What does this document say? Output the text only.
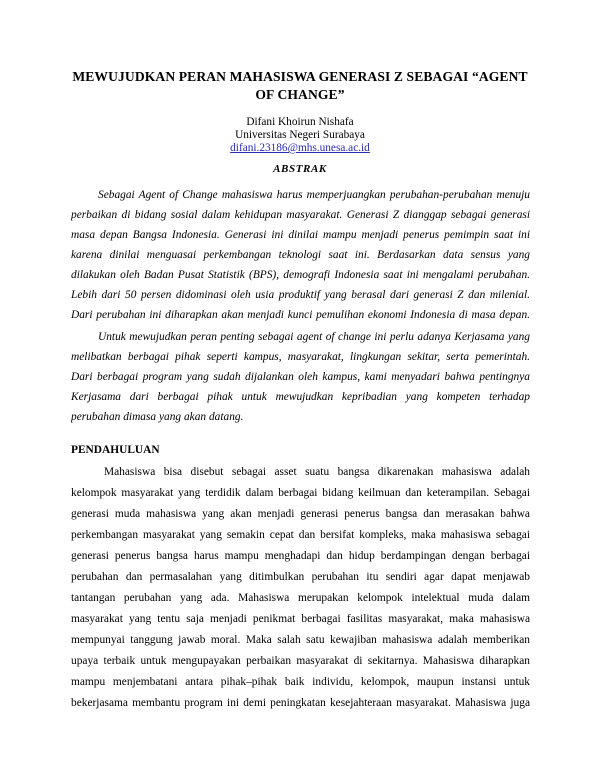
MEWUJUDKAN PERAN MAHASISWA GENERASI Z SEBAGAI “AGENT
OF CHANGE”
Difani Khoirun Nishafa
Universitas Negeri Surabaya
difani.23186@mhs.unesa.ac.id
ABSTRAK
Sebagai Agent of Change mahasiswa harus memperjuangkan perubahan-perubahan menuju
perbaikan di bidang sosial dalam kehidupan masyarakat. Generasi Z dianggap sebagai generasi
masa depan Bangsa Indonesia. Generasi ini dinilai mampu menjadi penerus pemimpin saat ini
karena dinilai menguasai perkembangan teknologi saat ini. Berdasarkan data sensus yang
dilakukan oleh Badan Pusat Statistik (BPS), demografi Indonesia saat ini mengalami perubahan.
Lebih dari 50 persen didominasi oleh usia produktif yang berasal dari generasi Z dan milenial.
Dari perubahan ini diharapkan akan menjadi kunci pemulihan ekonomi Indonesia di masa depan.
Untuk mewujudkan peran penting sebagai agent of change ini perlu adanya Kerjasama yang
melibatkan berbagai pihak seperti kampus, masyarakat, lingkungan sekitar, serta pemerintah.
Dari berbagai program yang sudah dijalankan oleh kampus, kami menyadari bahwa pentingnya
Kerjasama dari berbagai pihak untuk mewujudkan kepribadian yang kompeten terhadap
perubahan dimasa yang akan datang.
PENDAHULUAN
Mahasiswa bisa disebut sebagai asset suatu bangsa dikarenakan mahasiswa adalah
kelompok masyarakat yang terdidik dalam berbagai bidang keilmuan dan keterampilan. Sebagai
generasi muda mahasiswa yang akan menjadi generasi penerus bangsa dan merasakan bahwa
perkembangan masyarakat yang semakin cepat dan bersifat kompleks, maka mahasiswa sebagai
generasi penerus bangsa harus mampu menghadapi dan hidup berdampingan dengan berbagai
perubahan dan permasalahan yang ditimbulkan perubahan itu sendiri agar dapat menjawab
tantangan perubahan yang ada. Mahasiswa merupakan kelompok intelektual muda dalam
masyarakat yang tentu saja menjadi penikmat berbagai fasilitas masyarakat, maka mahasiswa
mempunyai tanggung jawab moral. Maka salah satu kewajiban mahasiswa adalah memberikan
upaya terbaik untuk mengupayakan perbaikan masyarakat di sekitarnya. Mahasiswa diharapkan
mampu menjembatani antara pihak–pihak baik individu, kelompok, maupun instansi untuk
bekerjasama membantu program ini demi peningkatan kesejahteraan masyarakat. Mahasiswa juga
